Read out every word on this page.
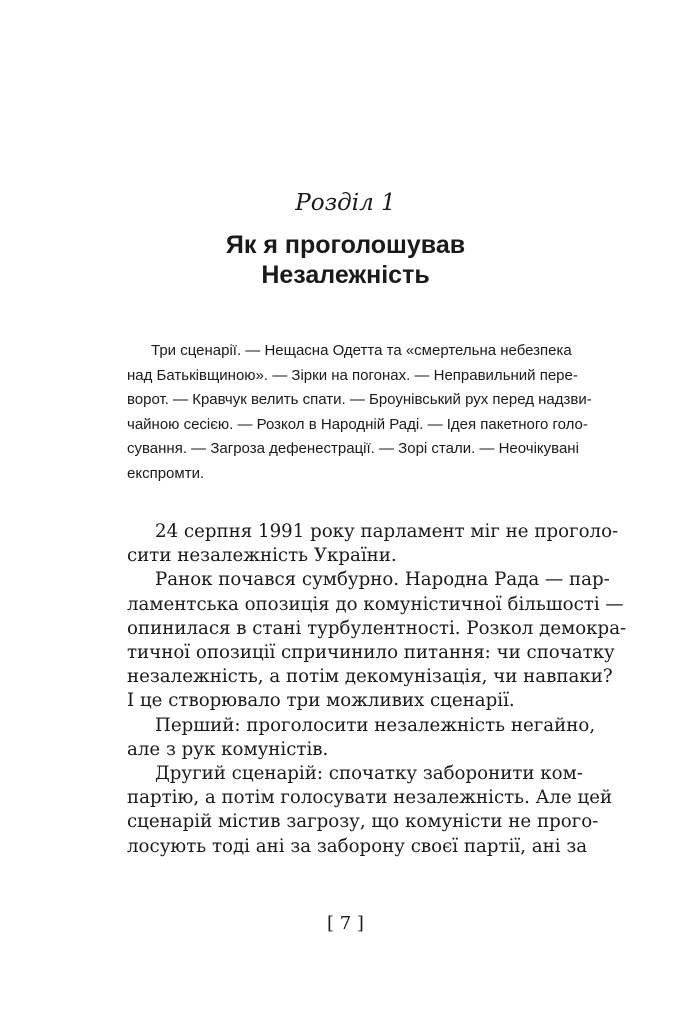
Розділ 1
Як я проголошував
Незалежність
Три сценарії. — Нещасна Одетта та «смертельна небезпека
над Батьківщиною». — Зірки на погонах. — Неправильний пере-
ворот. — Кравчук велить спати. — Броунівський рух перед надзви-
чайною сесією. — Розкол в Народній Раді. — Ідея пакетного голо-
сування. — Загроза дефенестрації. — Зорі стали. — Неочікувані
експромти.
24 серпня 1991 року парламент міг не проголо-
сити незалежність України.
Ранок почався сумбурно. Народна Рада — пар-
ламентська опозиція до комуністичної більшості —
опинилася в стані турбулентності. Розкол демокра-
тичної опозиції спричинило питання: чи спочатку
незалежність, а потім декомунізація, чи навпаки?
І це створювало три можливих сценарії.
Перший: проголосити незалежність негайно,
але з рук комуністів.
Другий сценарій: спочатку заборонити ком-
партію, а потім голосувати незалежність. Але цей
сценарій містив загрозу, що комуністи не прого-
лосують тоді ані за заборону своєї партії, ані за
[ 7 ]
